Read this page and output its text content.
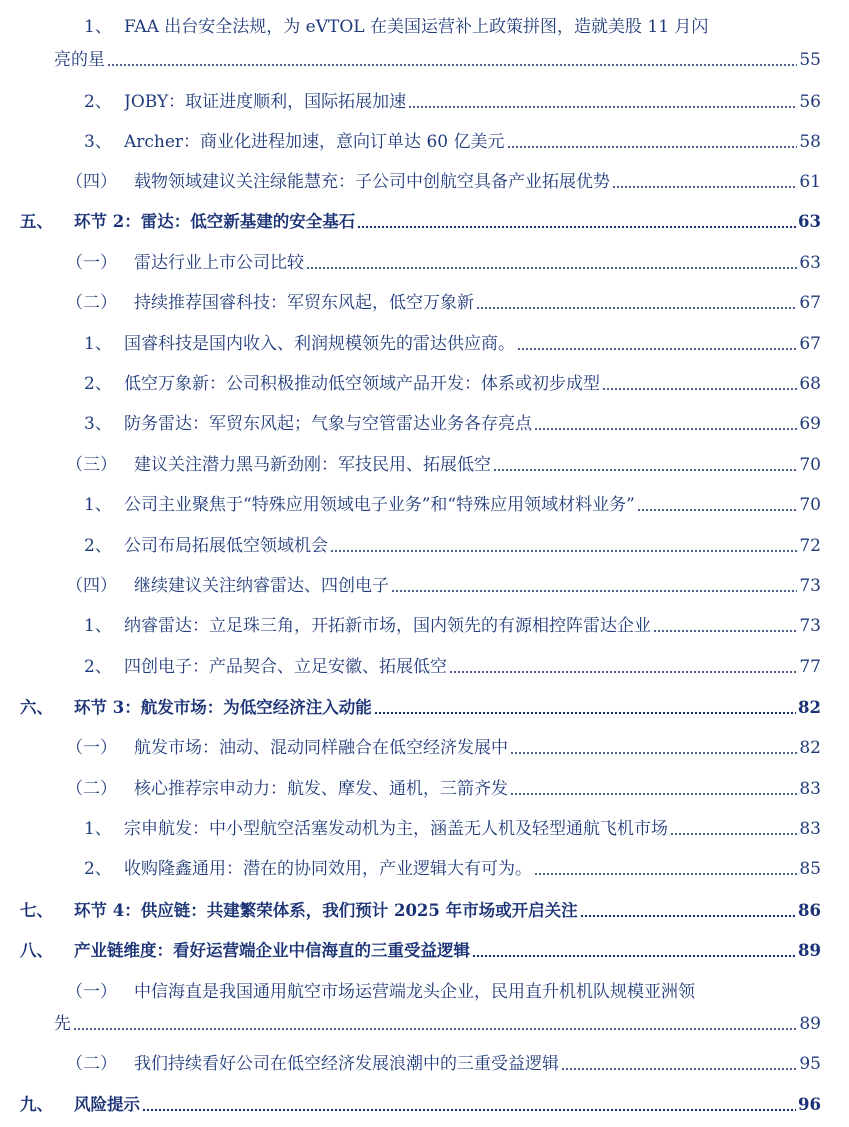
1、 FAA 出台安全法规，为 eVTOL 在美国运营补上政策拼图，造就美股 11 月闪
亮的星	55
2、 JOBY：取证进度顺利，国际拓展加速	56
3、 Archer：商业化进程加速，意向订单达 60 亿美元	58
（四）	载物领域建议关注绿能慧充：子公司中创航空具备产业拓展优势	61
五、	环节 2：雷达：低空新基建的安全基石	63
（一）	雷达行业上市公司比较	63
（二）	持续推荐国睿科技：军贸东风起，低空万象新	67
1、 国睿科技是国内收入、利润规模领先的雷达供应商。	67
2、 低空万象新：公司积极推动低空领域产品开发：体系或初步成型	68
3、 防务雷达：军贸东风起；气象与空管雷达业务各存亮点	69
（三）	建议关注潜力黑马新劲刚：军技民用、拓展低空	70
1、 公司主业聚焦于“特殊应用领域电子业务”和“特殊应用领域材料业务”	70
2、 公司布局拓展低空领域机会	72
（四）	继续建议关注纳睿雷达、四创电子	73
1、 纳睿雷达：立足珠三角，开拓新市场，国内领先的有源相控阵雷达企业	73
2、 四创电子：产品契合、立足安徽、拓展低空	77
六、	环节 3：航发市场：为低空经济注入动能	82
（一）	航发市场：油动、混动同样融合在低空经济发展中	82
（二）	核心推荐宗申动力：航发、摩发、通机，三箭齐发	83
1、 宗申航发：中小型航空活塞发动机为主，涵盖无人机及轻型通航飞机市场	83
2、 收购隆鑫通用：潜在的协同效用，产业逻辑大有可为。	85
七、	环节 4：供应链：共建繁荣体系，我们预计 2025 年市场或开启关注	86
八、	产业链维度：看好运营端企业中信海直的三重受益逻辑	89
（一） 中信海直是我国通用航空市场运营端龙头企业，民用直升机机队规模亚洲领
先	89
（二）	我们持续看好公司在低空经济发展浪潮中的三重受益逻辑	95
九、	风险提示	96
